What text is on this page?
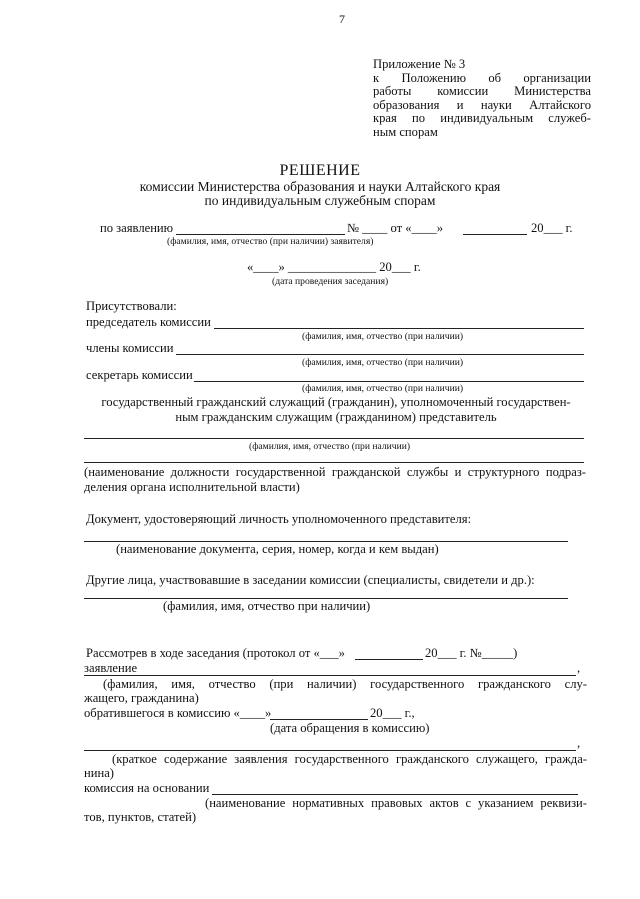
7
Приложение № 3
к Положению об организации
работы комиссии Министерства
образования и науки Алтайского
края по индивидуальным служеб-
ным спорам
РЕШЕНИЕ
комиссии Министерства образования и науки Алтайского края
по индивидуальным служебным спорам
по заявлению	№ ____ от «____»	20___ г.
(фамилия, имя, отчество (при наличии) заявителя)
«____» ______________ 20___ г.
(дата проведения заседания)
Присутствовали:
председатель комиссии
(фамилия, имя, отчество (при наличии)
члены комиссии
(фамилия, имя, отчество (при наличии)
секретарь комиссии
(фамилия, имя, отчество (при наличии)
государственный гражданский служащий (гражданин), уполномоченный государствен-
ным гражданским служащим (гражданином) представитель
(фамилия, имя, отчество (при наличии)
(наименование должности государственной гражданской службы и структурного подраз-
деления органа исполнительной власти)
Документ, удостоверяющий личность уполномоченного представителя:
(наименование документа, серия, номер, когда и кем выдан)
Другие лица, участвовавшие в заседании комиссии (специалисты, свидетели и др.):
(фамилия, имя, отчество при наличии)
Рассмотрев в ходе заседания (протокол от «___»	20___ г. №_____)
заявление	,
(фамилия, имя, отчество (при наличии) государственного гражданского слу-
жащего, гражданина)
обратившегося в комиссию «____»	20___ г.,
(дата обращения в комиссию)
,
(краткое содержание заявления государственного гражданского служащего, гражда-
нина)
комиссия на основании
(наименование нормативных правовых актов с указанием реквизи-
тов, пунктов, статей)
